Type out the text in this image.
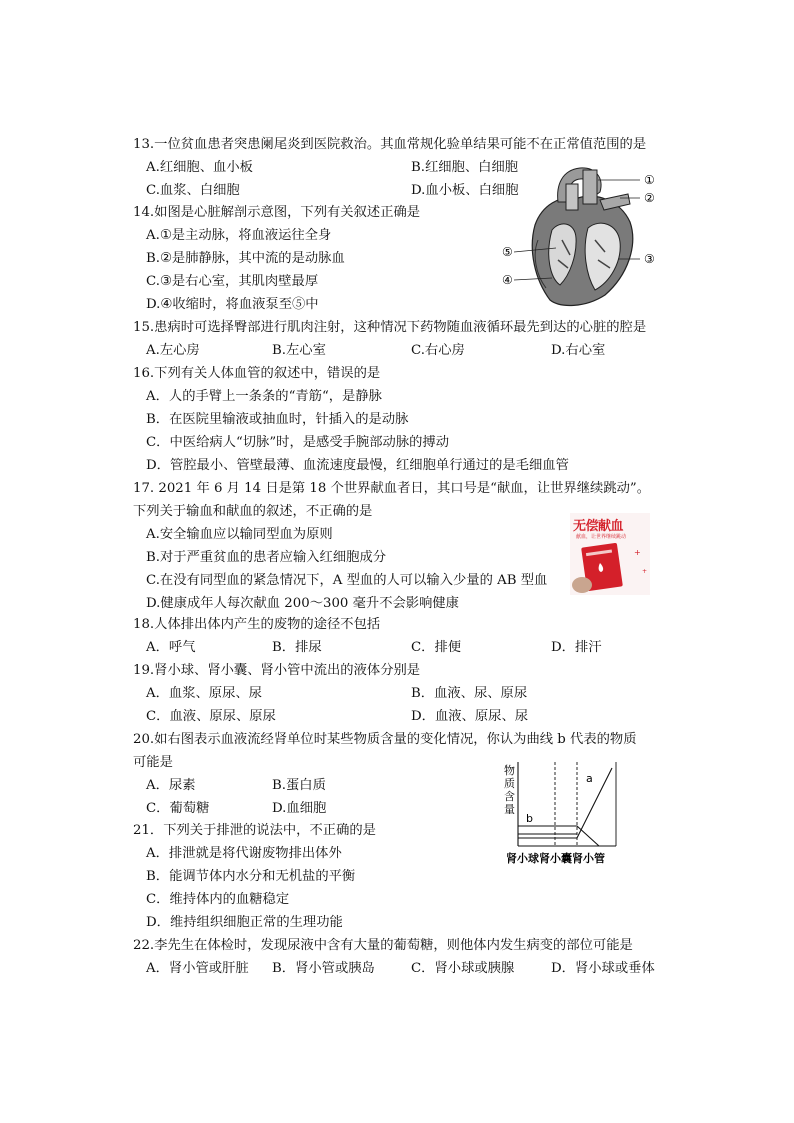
13.一位贫血患者突患阑尾炎到医院救治。其血常规化验单结果可能不在正常值范围的是
A.红细胞、血小板	B.红细胞、白细胞
C.血浆、白细胞	D.血小板、白细胞
14.如图是心脏解剖示意图，下列有关叙述正确是
A.①是主动脉，将血液运往全身
B.②是肺静脉，其中流的是动脉血
C.③是右心室，其肌肉壁最厚
D.④收缩时，将血液泵至⑤中
①
②
③
④
⑤
15.患病时可选择臀部进行肌肉注射，这种情况下药物随血液循环最先到达的心脏的腔是
A.左心房	B.左心室	C.右心房	D.右心室
16.下列有关人体血管的叙述中，错误的是
A．人的手臂上一条条的“青筋“，是静脉
B．在医院里输液或抽血时，针插入的是动脉
C．中医给病人“切脉”时，是感受手腕部动脉的搏动
D．管腔最小、管壁最薄、血流速度最慢，红细胞单行通过的是毛细血管
17. 2021 年 6 月 14 日是第 18 个世界献血者日，其口号是“献血，让世界继续跳动”。
下列关于输血和献血的叙述，不正确的是
A.安全输血应以输同型血为原则
B.对于严重贫血的患者应输入红细胞成分
C.在没有同型血的紧急情况下，A 型血的人可以输入少量的 AB 型血
D.健康成年人每次献血 200～300 毫升不会影响健康
无偿献血
献血，让世界继续跳动
+
+
18.人体排出体内产生的废物的途径不包括
A．呼气	B．排尿	C．排便	D．排汗
19.肾小球、肾小囊、肾小管中流出的液体分别是
A．血浆、原尿、尿	B．血液、尿、原尿
C．血液、原尿、原尿	D．血液、原尿、尿
20.如右图表示血液流经肾单位时某些物质含量的变化情况，你认为曲线 b 代表的物质
可能是
A．尿素	B.蛋白质
C．葡萄糖	D.血细胞
物
质
含
量
b
a
肾小球肾小囊肾小管
21．下列关于排泄的说法中，不正确的是
A．排泄就是将代谢废物排出体外
B．能调节体内水分和无机盐的平衡
C．维持体内的血糖稳定
D．维持组织细胞正常的生理功能
22.李先生在体检时，发现尿液中含有大量的葡萄糖，则他体内发生病变的部位可能是
A．肾小管或肝脏 B．肾小管或胰岛	C．肾小球或胰腺	D．肾小球或垂体
